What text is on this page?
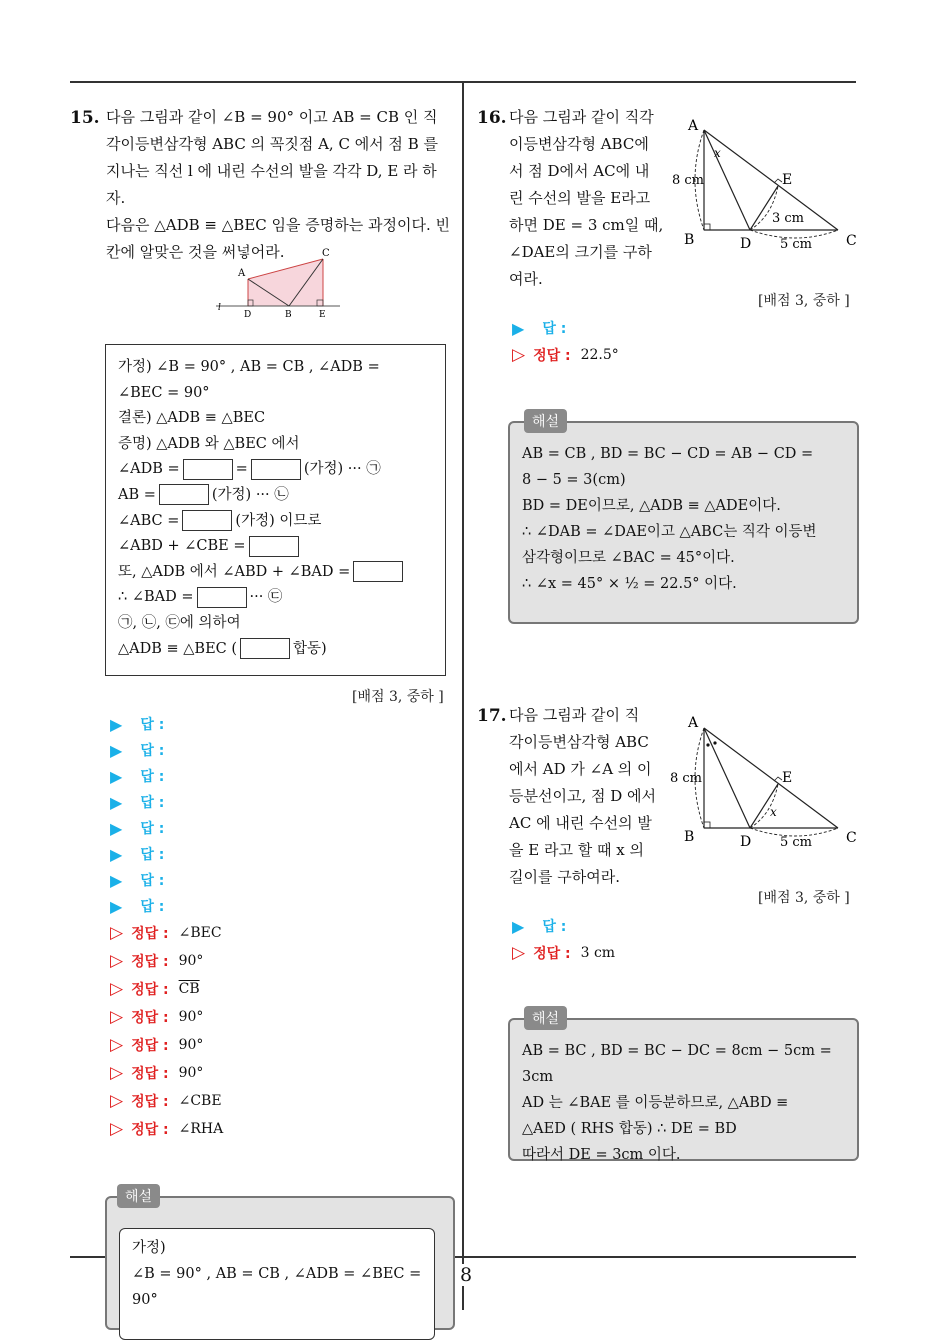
8
15. 다음 그림과 같이 ∠B = 90° 이고 AB = CB 인 직
각이등변삼각형 ABC 의 꼭짓점 A, C 에서 점 B 를
지나는 직선 l 에 내린 수선의 발을 각각 D, E 라 하자.
다음은 △ADB ≡ △BEC 임을 증명하는 과정이다. 빈
칸에 알맞은 것을 써넣어라.
A
C
D	B	E
l
가정) ∠B = 90° , AB = CB , ∠ADB =
∠BEC = 90°
결론) △ADB ≡ △BEC
증명) △ADB 와 △BEC 에서
∠ADB =	=	(가정) ··· ㉠
AB =	(가정) ··· ㉡
∠ABC =	(가정) 이므로
∠ABD + ∠CBE =
또, △ADB 에서 ∠ABD + ∠BAD =
∴ ∠BAD =	··· ㉢
㉠, ㉡, ㉢에 의하여
△ADB ≡ △BEC (	합동)
[배점 3, 중하 ]
▶ 답 :
▶ 답 :
▶ 답 :
▶ 답 :
▶ 답 :
▶ 답 :
▶ 답 :
▶ 답 :
▷ 정답 : ∠BEC
▷ 정답 : 90°
▷ 정답 : $\overline{CB}$
▷ 정답 : 90°
▷ 정답 : 90°
▷ 정답 : 90°
▷ 정답 : ∠CBE
▷ 정답 : ∠RHA
가정)
∠B = 90° , AB = CB , ∠ADB = ∠BEC =
90°
해설
16. 다음 그림과 같이 직각
이등변삼각형 ABC에
서 점 D에서 AC에 내
린 수선의 발을 E라고
하면 DE = 3 cm일 때,
∠DAE의 크기를 구하
여라.
A
x
8 cm	E
3 cm
B	D 5 cm C
[배점 3, 중하 ]
▶ 답 :
▷ 정답 : 22.5°
AB = CB , BD = BC − CD = AB − CD =
8 − 5 = 3(cm)
BD = DE이므로, △ADB ≡ △ADE이다.
∴ ∠DAB = ∠DAE이고 △ABC는 직각 이등변
삼각형이므로 ∠BAC = 45°이다.
∴ ∠x = 45° × ½ = 22.5° 이다.
해설
17. 다음 그림과 같이 직
각이등변삼각형 ABC
에서 AD 가 ∠A 의 이
등분선이고, 점 D 에서
AC 에 내린 수선의 발
을 E 라고 할 때 x 의
길이를 구하여라.
A
8 cm	E
x
B	D 5 cm C
[배점 3, 중하 ]
▶ 답 :
▷ 정답 : 3 cm
AB = BC , BD = BC − DC = 8cm − 5cm = 3cm
AD 는 ∠BAE 를 이등분하므로, △ABD ≡
△AED ( RHS 합동) ∴ DE = BD
따라서 DE = 3cm 이다.
해설
